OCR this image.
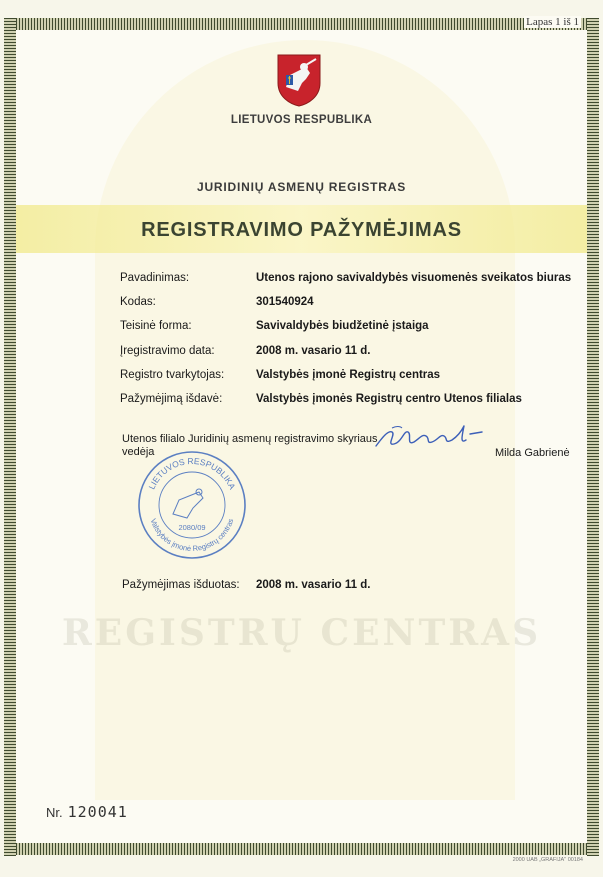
Lapas 1 iš 1
LIETUVOS RESPUBLIKA
JURIDINIŲ ASMENŲ REGISTRAS
REGISTRAVIMO PAŽYMĖJIMAS
Pavadinimas:	Utenos rajono savivaldybės visuomenės sveikatos biuras
Kodas:	301540924
Teisinė forma:	Savivaldybės biudžetinė įstaiga
Įregistravimo data:	2008 m. vasario 11 d.
Registro tvarkytojas:	Valstybės įmonė Registrų centras
Pažymėjimą išdavė:	Valstybės įmonės Registrų centro Utenos filialas
Utenos filialo Juridinių asmenų registravimo skyriaus vedėja	Milda Gabrienė
LIETUVOS RESPUBLIKA
Valstybės įmonė Registrų centras
2080/09
Pažymėjimas išduotas: 2008 m. vasario 11 d.
REGISTRŲ CENTRAS
Nr. 120041
2000 UAB „GRAFIJA" 00184
